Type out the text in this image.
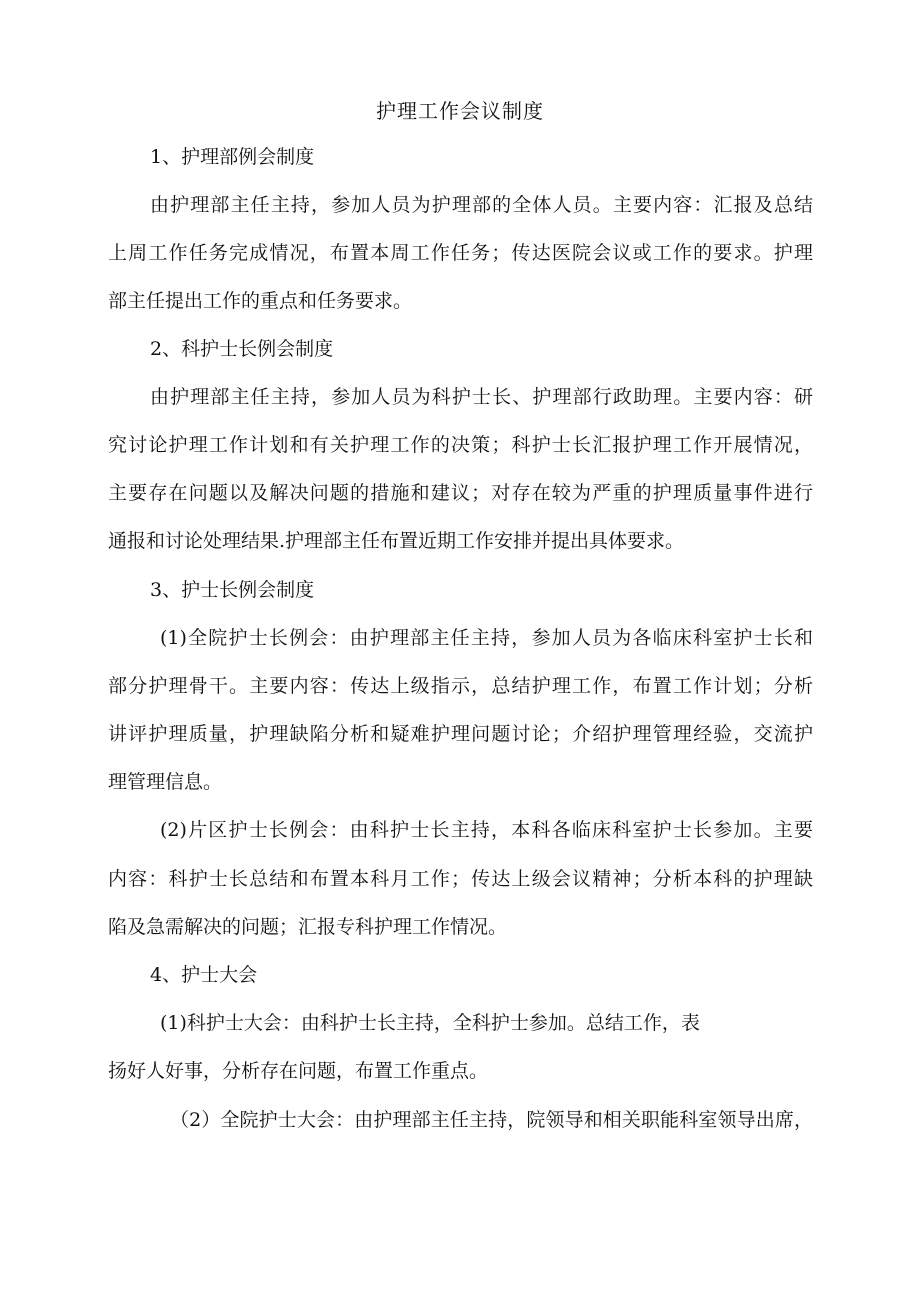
护理工作会议制度
1、护理部例会制度
由护理部主任主持，参加人员为护理部的全体人员。主要内容：汇报及总结
上周工作任务完成情况，布置本周工作任务；传达医院会议或工作的要求。护理
部主任提出工作的重点和任务要求。
2、科护士长例会制度
由护理部主任主持，参加人员为科护士长、护理部行政助理。主要内容：研
究讨论护理工作计划和有关护理工作的决策；科护士长汇报护理工作开展情况，
主要存在问题以及解决问题的措施和建议；对存在较为严重的护理质量事件进行
通报和讨论处理结果.护理部主任布置近期工作安排并提出具体要求。
3、护士长例会制度
(1)全院护士长例会：由护理部主任主持，参加人员为各临床科室护士长和
部分护理骨干。主要内容：传达上级指示，总结护理工作，布置工作计划；分析
讲评护理质量，护理缺陷分析和疑难护理问题讨论；介绍护理管理经验，交流护
理管理信息。
(2)片区护士长例会：由科护士长主持，本科各临床科室护士长参加。主要
内容：科护士长总结和布置本科月工作；传达上级会议精神；分析本科的护理缺
陷及急需解决的问题；汇报专科护理工作情况。
4、护士大会
(1)科护士大会：由科护士长主持，全科护士参加。总结工作，表
扬好人好事，分析存在问题，布置工作重点。
（2）全院护士大会：由护理部主任主持，院领导和相关职能科室领导出席，
